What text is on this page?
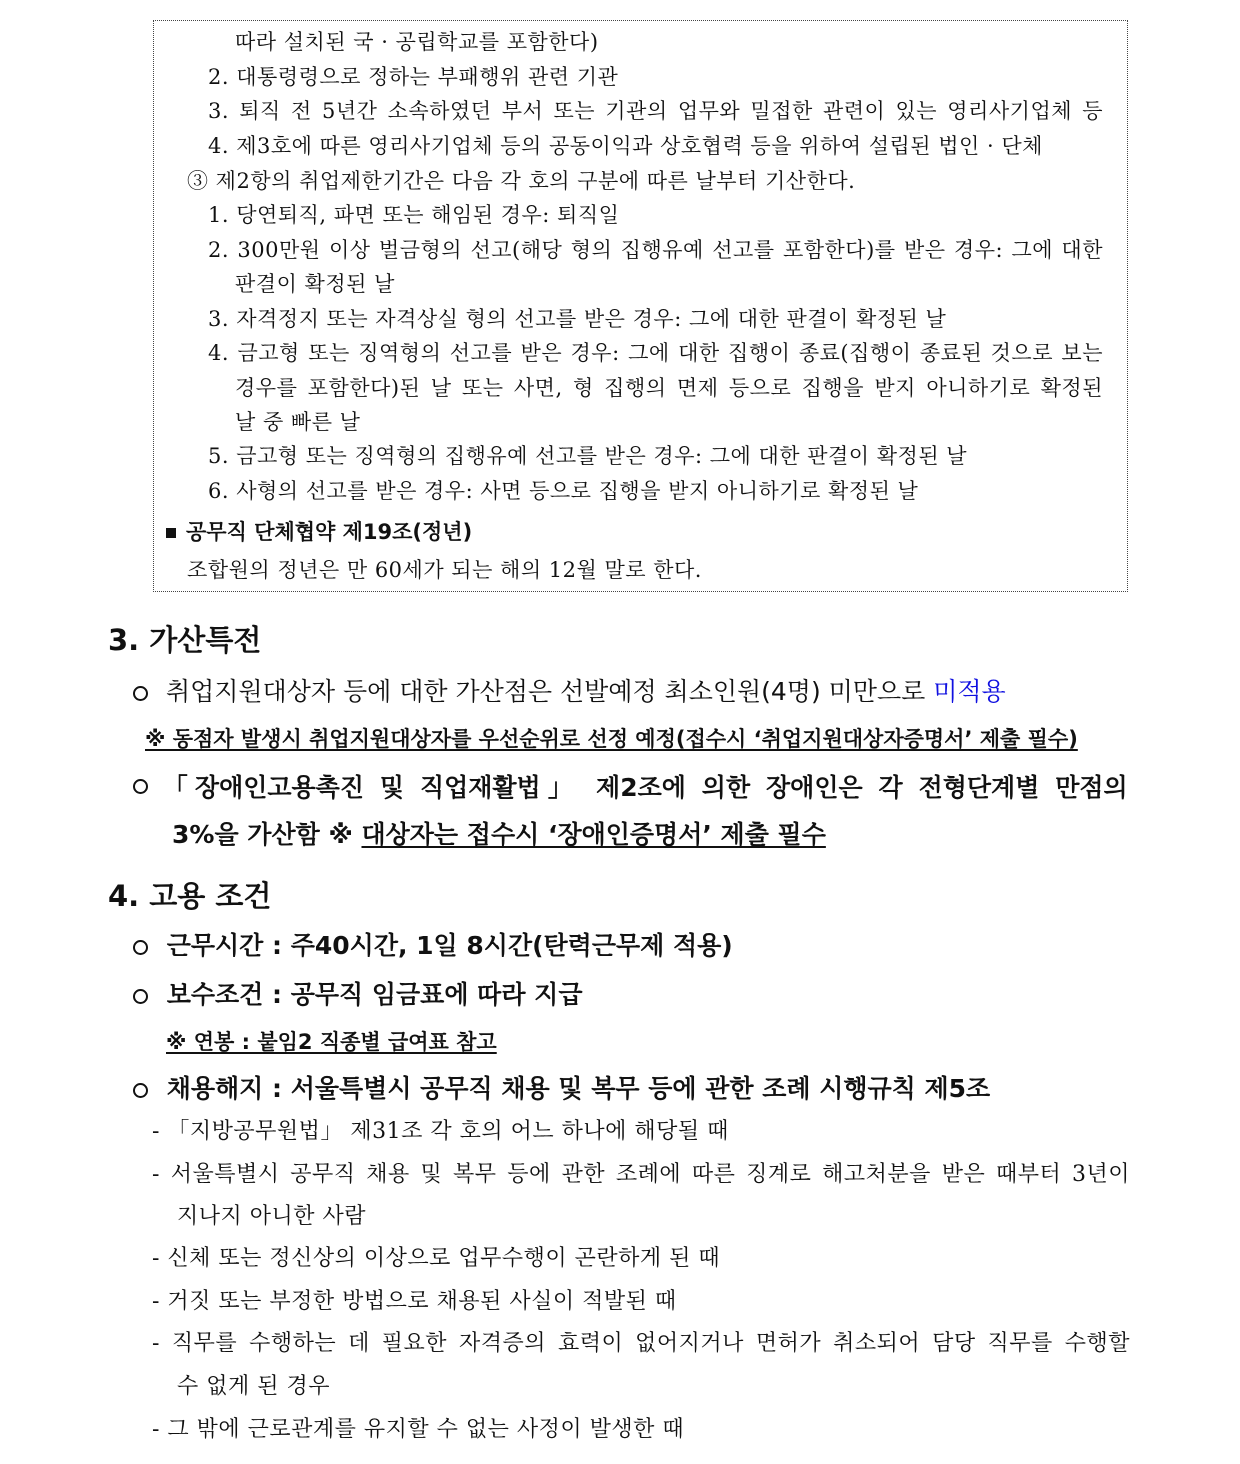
따라 설치된 국 · 공립학교를 포함한다)
2. 대통령령으로 정하는 부패행위 관련 기관
3. 퇴직 전 5년간 소속하였던 부서 또는 기관의 업무와 밀접한 관련이 있는 영리사기업체 등
4. 제3호에 따른 영리사기업체 등의 공동이익과 상호협력 등을 위하여 설립된 법인 · 단체
③ 제2항의 취업제한기간은 다음 각 호의 구분에 따른 날부터 기산한다.
1. 당연퇴직, 파면 또는 해임된 경우: 퇴직일
2. 300만원 이상 벌금형의 선고(해당 형의 집행유예 선고를 포함한다)를 받은 경우: 그에 대한
판결이 확정된 날
3. 자격정지 또는 자격상실 형의 선고를 받은 경우: 그에 대한 판결이 확정된 날
4. 금고형 또는 징역형의 선고를 받은 경우: 그에 대한 집행이 종료(집행이 종료된 것으로 보는
경우를 포함한다)된 날 또는 사면, 형 집행의 면제 등으로 집행을 받지 아니하기로 확정된
날 중 빠른 날
5. 금고형 또는 징역형의 집행유예 선고를 받은 경우: 그에 대한 판결이 확정된 날
6. 사형의 선고를 받은 경우: 사면 등으로 집행을 받지 아니하기로 확정된 날
공무직 단체협약 제19조(정년)
조합원의 정년은 만 60세가 되는 해의 12월 말로 한다.
3. 가산특전
취업지원대상자 등에 대한 가산점은 선발예정 최소인원(4명) 미만으로 미적용
※ 동점자 발생시 취업지원대상자를 우선순위로 선정 예정(접수시 ‘취업지원대상자증명서’ 제출 필수)
「장애인고용촉진 및 직업재활법」 제2조에 의한 장애인은 각 전형단계별 만점의
3%을 가산함 ※ 대상자는 접수시 ‘장애인증명서’ 제출 필수
4. 고용 조건
근무시간 : 주40시간, 1일 8시간(탄력근무제 적용)
보수조건 : 공무직 임금표에 따라 지급
※ 연봉 : 붙임2 직종별 급여표 참고
채용해지 : 서울특별시 공무직 채용 및 복무 등에 관한 조례 시행규칙 제5조
- 「지방공무원법」 제31조 각 호의 어느 하나에 해당될 때
- 서울특별시 공무직 채용 및 복무 등에 관한 조례에 따른 징계로 해고처분을 받은 때부터 3년이
지나지 아니한 사람
- 신체 또는 정신상의 이상으로 업무수행이 곤란하게 된 때
- 거짓 또는 부정한 방법으로 채용된 사실이 적발된 때
- 직무를 수행하는 데 필요한 자격증의 효력이 없어지거나 면허가 취소되어 담당 직무를 수행할
수 없게 된 경우
- 그 밖에 근로관계를 유지할 수 없는 사정이 발생한 때
